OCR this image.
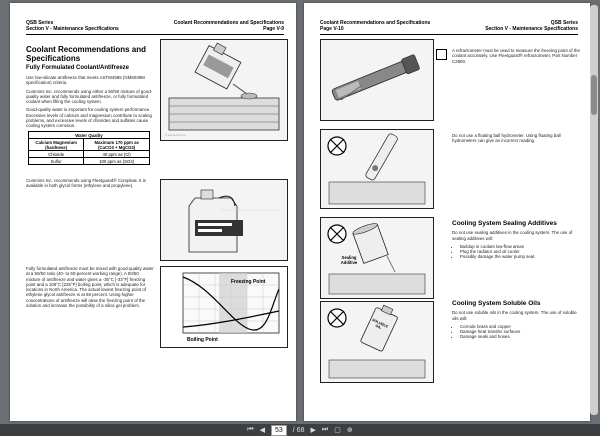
QSB Series
Section V - Maintenance Specifications
Coolant Recommendations and Specifications
Page V-9
Coolant Recommendations and Specifications
Fully Formulated Coolant/Antifreeze

Use low-silicate antifreeze that meets ASTM4985 (GM6038M specification) criteria.

Cummins Inc. recommends using either a 50/50 mixture of good-quality water and fully formulated antifreeze, or fully formulated coolant when filling the cooling system.

Good-quality water is important for cooling system performance. Excessive levels of calcium and magnesium contribute to scaling problems, and excessive levels of chlorides and sulfates cause cooling system corrosion.

Water Quality	
Calcium Magnesium (hardness)	Maximum 170 ppm as (CaCO3 + MgCO3)
Chloride	40 ppm as (Cl)
Sulfur	100 ppm as (SO4)

Cummins Inc. recommends using Fleetguard® Compleat. It is available in both glycol forms (ethylene and propylene).

Fully formulated antifreeze must be mixed with good-quality water at a 50/50 ratio (40- to 60-percent working range). A 50/50 mixture of antifreeze and water gives a -36°C [-33°F] freezing point and a 108°C [226°F] boiling point, which is adequate for locations in North America. The actual lowest freezing point of ethylene glycol antifreeze is at 68 percent. Using higher concentrations of antifreeze will raise the freezing point of the solution and increase the possibility of a silica gel problem.

© Cummins Inc.
Freezing Point
Boiling Point
Coolant Recommendations and Specifications
Page V-10
QSB Series
Section V - Maintenance Specifications

A refractometer must be used to measure the freezing point of the coolant accurately. Use Fleetguard® refractometer, Part Number C2800.

Do not use a floating ball hydrometer. Using floating ball hydrometers can give an incorrect reading.

Sealing Additive
Cooling System Sealing Additives

Do not use sealing additives in the cooling system. The use of sealing additives will:

• Buildup in coolant low-flow areas
• Plug the radiator and oil cooler
• Possibly damage the water pump seal.
SOLUBLE OIL
Cooling System Soluble Oils

Do not use soluble oils in the cooling system. The use of soluble oils will:

• Corrode brass and copper
• Damage heat transfer surfaces
• Damage seals and hoses.
⏮ ◀	53	/ 68 ▶ ⏭ ▢ ⊕
